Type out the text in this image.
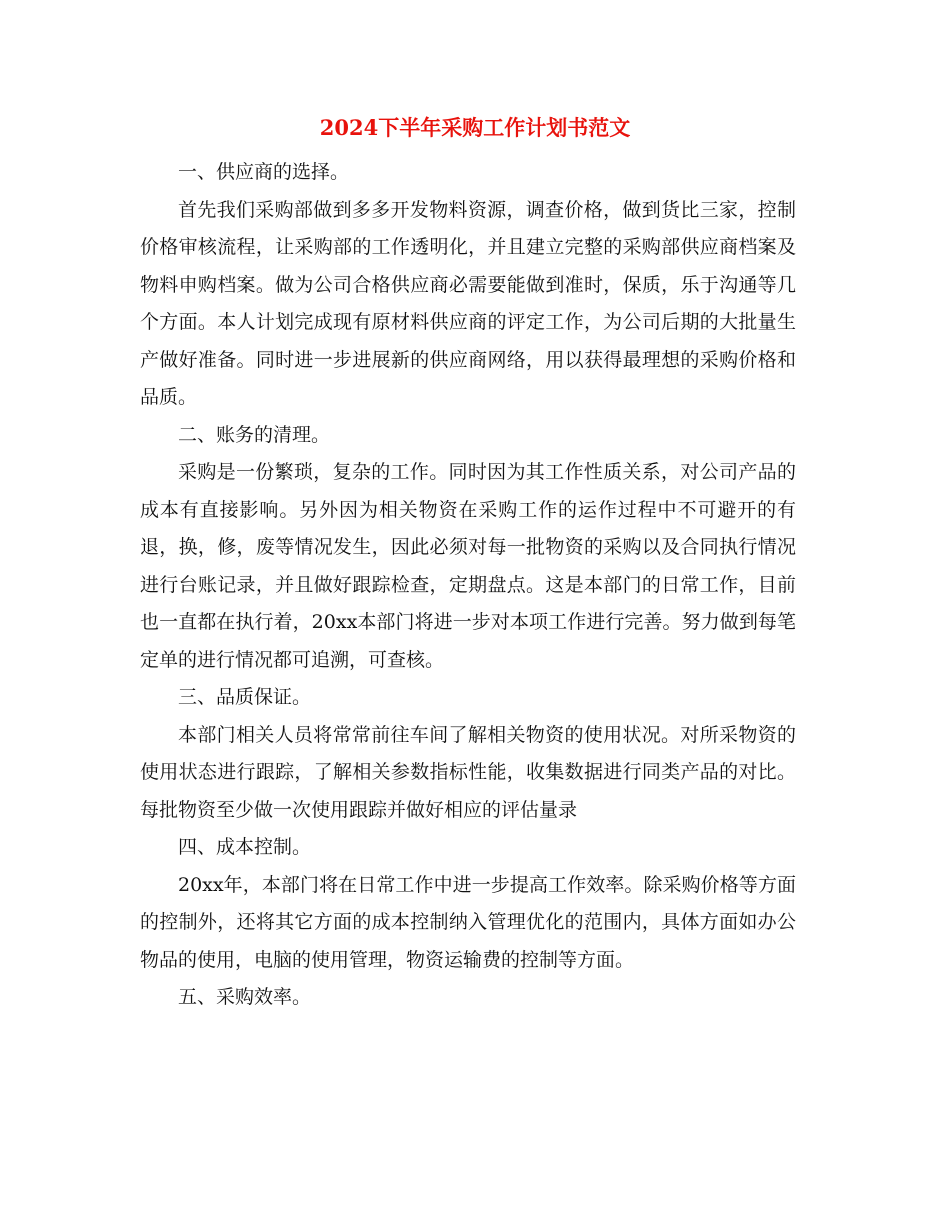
2024下半年采购工作计划书范文

一、供应商的选择。

首先我们采购部做到多多开发物料资源，调查价格，做到货比三家，控制价格审核流程，让采购部的工作透明化，并且建立完整的采购部供应商档案及物料申购档案。做为公司合格供应商必需要能做到准时，保质，乐于沟通等几个方面。本人计划完成现有原材料供应商的评定工作，为公司后期的大批量生产做好准备。同时进一步进展新的供应商网络，用以获得最理想的采购价格和品质。

二、账务的清理。

采购是一份繁琐，复杂的工作。同时因为其工作性质关系，对公司产品的成本有直接影响。另外因为相关物资在采购工作的运作过程中不可避开的有退，换，修，废等情况发生，因此必须对每一批物资的采购以及合同执行情况进行台账记录，并且做好跟踪检查，定期盘点。这是本部门的日常工作，目前也一直都在执行着，20xx本部门将进一步对本项工作进行完善。努力做到每笔定单的进行情况都可追溯，可查核。

三、品质保证。

本部门相关人员将常常前往车间了解相关物资的使用状况。对所采物资的使用状态进行跟踪，了解相关参数指标性能，收集数据进行同类产品的对比。每批物资至少做一次使用跟踪并做好相应的评估量录

四、成本控制。

20xx年，本部门将在日常工作中进一步提高工作效率。除采购价格等方面的控制外，还将其它方面的成本控制纳入管理优化的范围内，具体方面如办公物品的使用，电脑的使用管理，物资运输费的控制等方面。

五、采购效率。
